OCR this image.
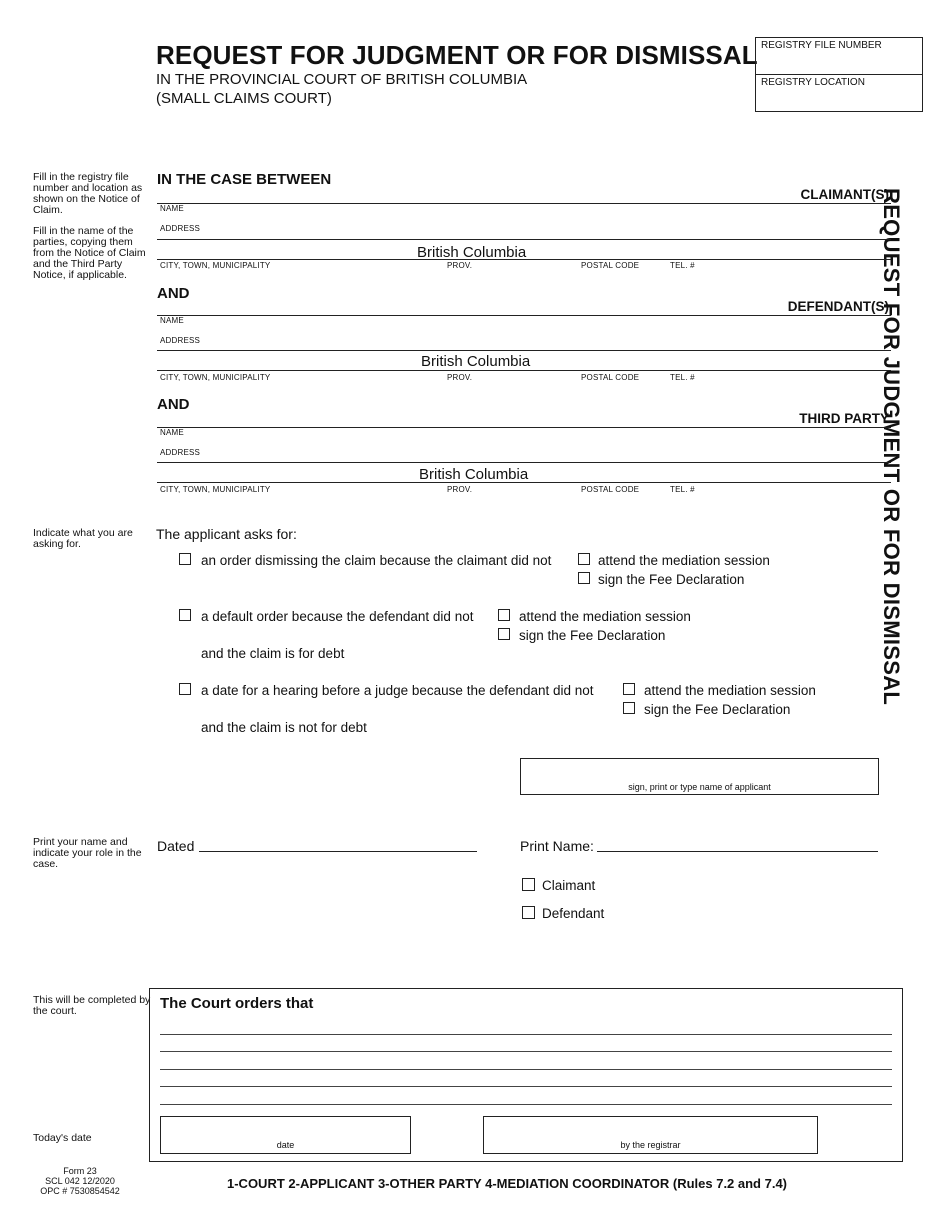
REQUEST FOR JUDGMENT OR FOR DISMISSAL
IN THE PROVINCIAL COURT OF BRITISH COLUMBIA
(SMALL CLAIMS COURT)
REGISTRY FILE NUMBER
REGISTRY LOCATION
Fill in the registry file number and location as shown on the Notice of Claim.
Fill in the name of the parties, copying them from the Notice of Claim and the Third Party Notice, if applicable.
Indicate what you are asking for.
Print your name and indicate your role in the case.
This will be completed by the court.
Today's date
REQUEST FOR JUDGMENT OR FOR DISMISSAL
IN THE CASE BETWEEN
CLAIMANT(S)
NAME
ADDRESS
British Columbia
CITY, TOWN, MUNICIPALITY	PROV.	POSTAL CODE	TEL. #
AND
DEFENDANT(S)
NAME
ADDRESS
British Columbia
CITY, TOWN, MUNICIPALITY	PROV.	POSTAL CODE	TEL. #
AND
THIRD PARTY
NAME
ADDRESS
British Columbia
CITY, TOWN, MUNICIPALITY	PROV.	POSTAL CODE	TEL. #
The applicant asks for:
an order dismissing the claim because the claimant did not	attend the mediation session
sign the Fee Declaration
a default order because the defendant did not	attend the mediation session
sign the Fee Declaration
and the claim is for debt
a date for a hearing before a judge because the defendant did not	attend the mediation session
sign the Fee Declaration
and the claim is not for debt
sign, print or type name of applicant
Dated	Print Name:
Claimant
Defendant
The Court orders that
date	by the registrar
Form 23
SCL 042 12/2020
OPC # 7530854542	1-COURT 2-APPLICANT 3-OTHER PARTY 4-MEDIATION COORDINATOR (Rules 7.2 and 7.4)
